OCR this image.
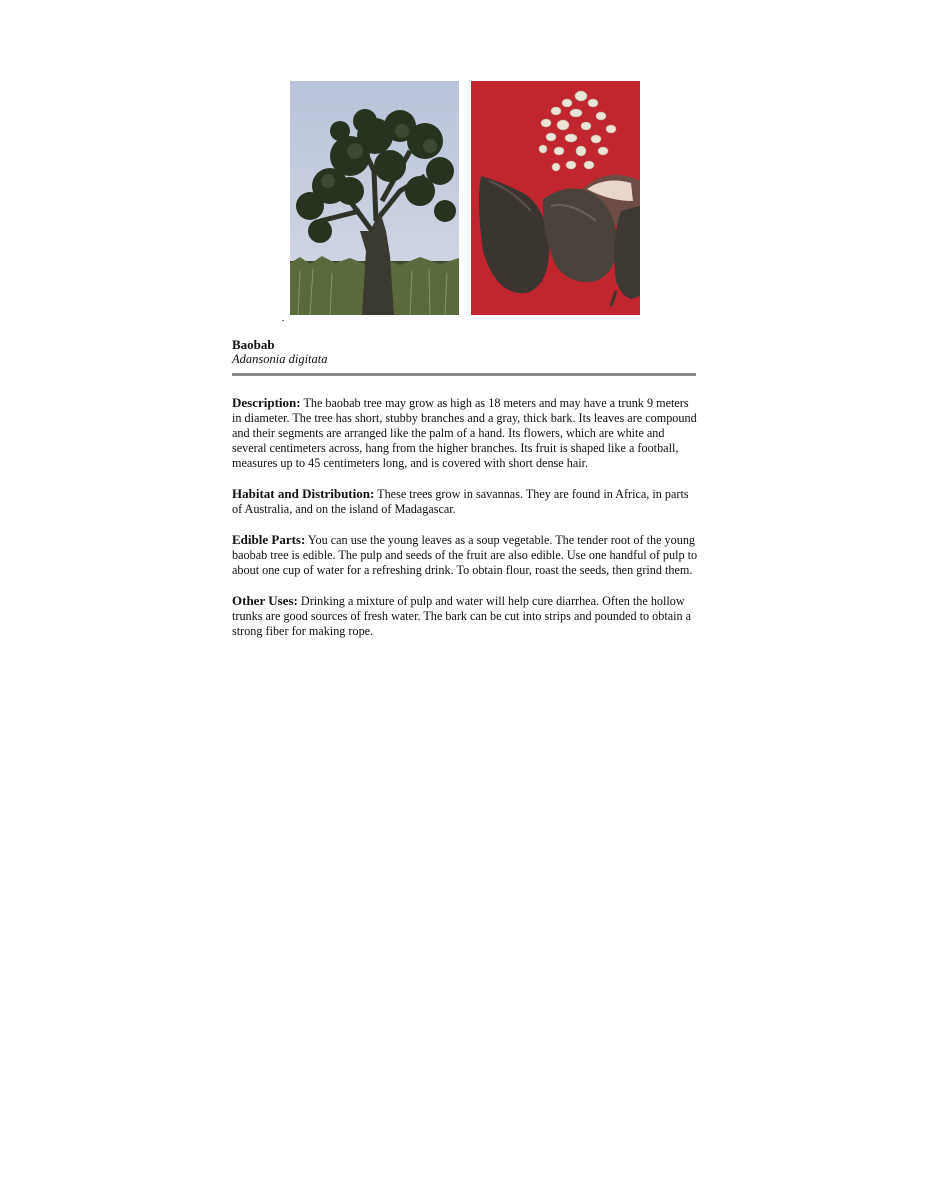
Baobab
Adansonia digitata

Description: The baobab tree may grow as high as 18 meters and may have a trunk 9 meters in diameter. The tree has short, stubby branches and a gray, thick bark. Its leaves are compound and their segments are arranged like the palm of a hand. Its flowers, which are white and several centimeters across, hang from the higher branches. Its fruit is shaped like a football, measures up to 45 centimeters long, and is covered with short dense hair.

Habitat and Distribution: These trees grow in savannas. They are found in Africa, in parts of Australia, and on the island of Madagascar.

Edible Parts: You can use the young leaves as a soup vegetable. The tender root of the young baobab tree is edible. The pulp and seeds of the fruit are also edible. Use one handful of pulp to about one cup of water for a refreshing drink. To obtain flour, roast the seeds, then grind them.

Other Uses: Drinking a mixture of pulp and water will help cure diarrhea. Often the hollow trunks are good sources of fresh water. The bark can be cut into strips and pounded to obtain a strong fiber for making rope.
